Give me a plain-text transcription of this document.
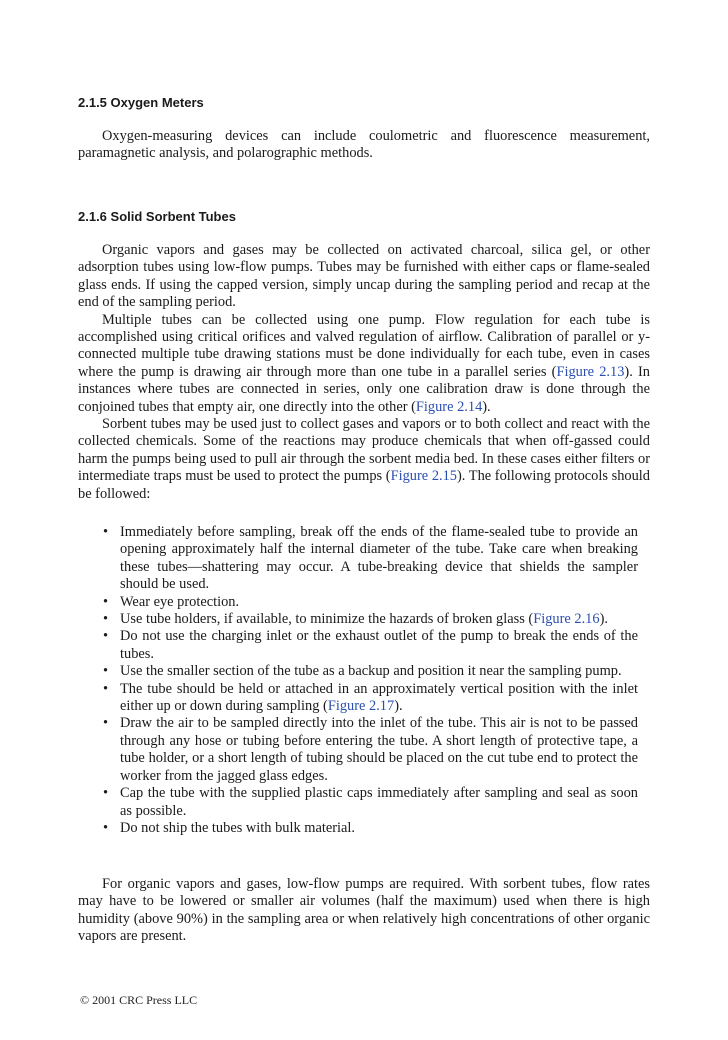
2.1.5 Oxygen Meters

Oxygen-measuring devices can include coulometric and fluorescence measurement, paramagnetic analysis, and polarographic methods.

2.1.6 Solid Sorbent Tubes

Organic vapors and gases may be collected on activated charcoal, silica gel, or other adsorption tubes using low-flow pumps. Tubes may be furnished with either caps or flame-sealed glass ends. If using the capped version, simply uncap during the sampling period and recap at the end of the sampling period.

Multiple tubes can be collected using one pump. Flow regulation for each tube is accomplished using critical orifices and valved regulation of airflow. Calibration of parallel or y-connected multiple tube drawing stations must be done individually for each tube, even in cases where the pump is drawing air through more than one tube in a parallel series (Figure 2.13). In instances where tubes are connected in series, only one calibration draw is done through the conjoined tubes that empty air, one directly into the other (Figure 2.14).

Sorbent tubes may be used just to collect gases and vapors or to both collect and react with the collected chemicals. Some of the reactions may produce chemicals that when off-gassed could harm the pumps being used to pull air through the sorbent media bed. In these cases either filters or intermediate traps must be used to protect the pumps (Figure 2.15). The following protocols should be followed:

• Immediately before sampling, break off the ends of the flame-sealed tube to provide an opening approximately half the internal diameter of the tube. Take care when breaking these tubes—shattering may occur. A tube-breaking device that shields the sampler should be used.
• Wear eye protection.
• Use tube holders, if available, to minimize the hazards of broken glass (Figure 2.16).
• Do not use the charging inlet or the exhaust outlet of the pump to break the ends of the tubes.
• Use the smaller section of the tube as a backup and position it near the sampling pump.
• The tube should be held or attached in an approximately vertical position with the inlet either up or down during sampling (Figure 2.17).
• Draw the air to be sampled directly into the inlet of the tube. This air is not to be passed through any hose or tubing before entering the tube. A short length of protective tape, a tube holder, or a short length of tubing should be placed on the cut tube end to protect the worker from the jagged glass edges.
• Cap the tube with the supplied plastic caps immediately after sampling and seal as soon as possible.
• Do not ship the tubes with bulk material.

For organic vapors and gases, low-flow pumps are required. With sorbent tubes, flow rates may have to be lowered or smaller air volumes (half the maximum) used when there is high humidity (above 90%) in the sampling area or when relatively high concentrations of other organic vapors are present.

© 2001 CRC Press LLC
